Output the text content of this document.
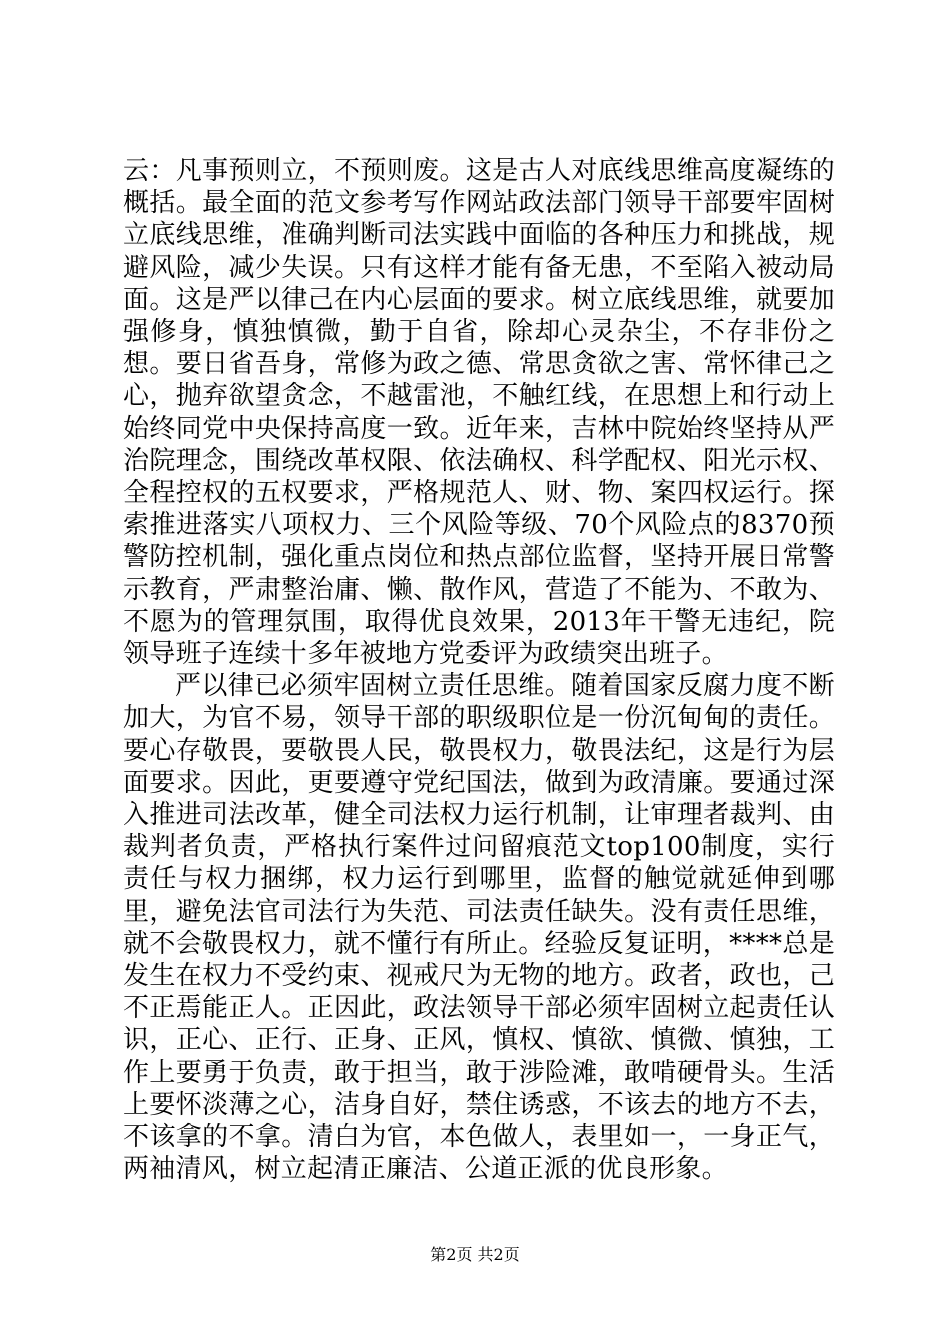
云：凡事预则立，不预则废。这是古人对底线思维高度凝练的概括。最全面的范文参考写作网站政法部门领导干部要牢固树立底线思维，准确判断司法实践中面临的各种压力和挑战，规避风险，减少失误。只有这样才能有备无患，不至陷入被动局面。这是严以律己在内心层面的要求。树立底线思维，就要加强修身，慎独慎微，勤于自省，除却心灵杂尘，不存非份之想。要日省吾身，常修为政之德、常思贪欲之害、常怀律己之心，抛弃欲望贪念，不越雷池，不触红线，在思想上和行动上始终同党中央保持高度一致。近年来，吉林中院始终坚持从严治院理念，围绕改革权限、依法确权、科学配权、阳光示权、全程控权的五权要求，严格规范人、财、物、案四权运行。探索推进落实八项权力、三个风险等级、70个风险点的8370预警防控机制，强化重点岗位和热点部位监督，坚持开展日常警示教育，严肃整治庸、懒、散作风，营造了不能为、不敢为、不愿为的管理氛围，取得优良效果，2013年干警无违纪，院领导班子连续十多年被地方党委评为政绩突出班子。

严以律已必须牢固树立责任思维。随着国家反腐力度不断加大，为官不易，领导干部的职级职位是一份沉甸甸的责任。要心存敬畏，要敬畏人民，敬畏权力，敬畏法纪，这是行为层面要求。因此，更要遵守党纪国法，做到为政清廉。要通过深入推进司法改革，健全司法权力运行机制，让审理者裁判、由裁判者负责，严格执行案件过问留痕范文top100制度，实行责任与权力捆绑，权力运行到哪里，监督的触觉就延伸到哪里，避免法官司法行为失范、司法责任缺失。没有责任思维，就不会敬畏权力，就不懂行有所止。经验反复证明，****总是发生在权力不受约束、视戒尺为无物的地方。政者，政也，己不正焉能正人。正因此，政法领导干部必须牢固树立起责任认识，正心、正行、正身、正风，慎权、慎欲、慎微、慎独，工作上要勇于负责，敢于担当，敢于涉险滩，敢啃硬骨头。生活上要怀淡薄之心，洁身自好，禁住诱惑，不该去的地方不去，不该拿的不拿。清白为官，本色做人，表里如一，一身正气，两袖清风，树立起清正廉洁、公道正派的优良形象。

第2页 共2页
